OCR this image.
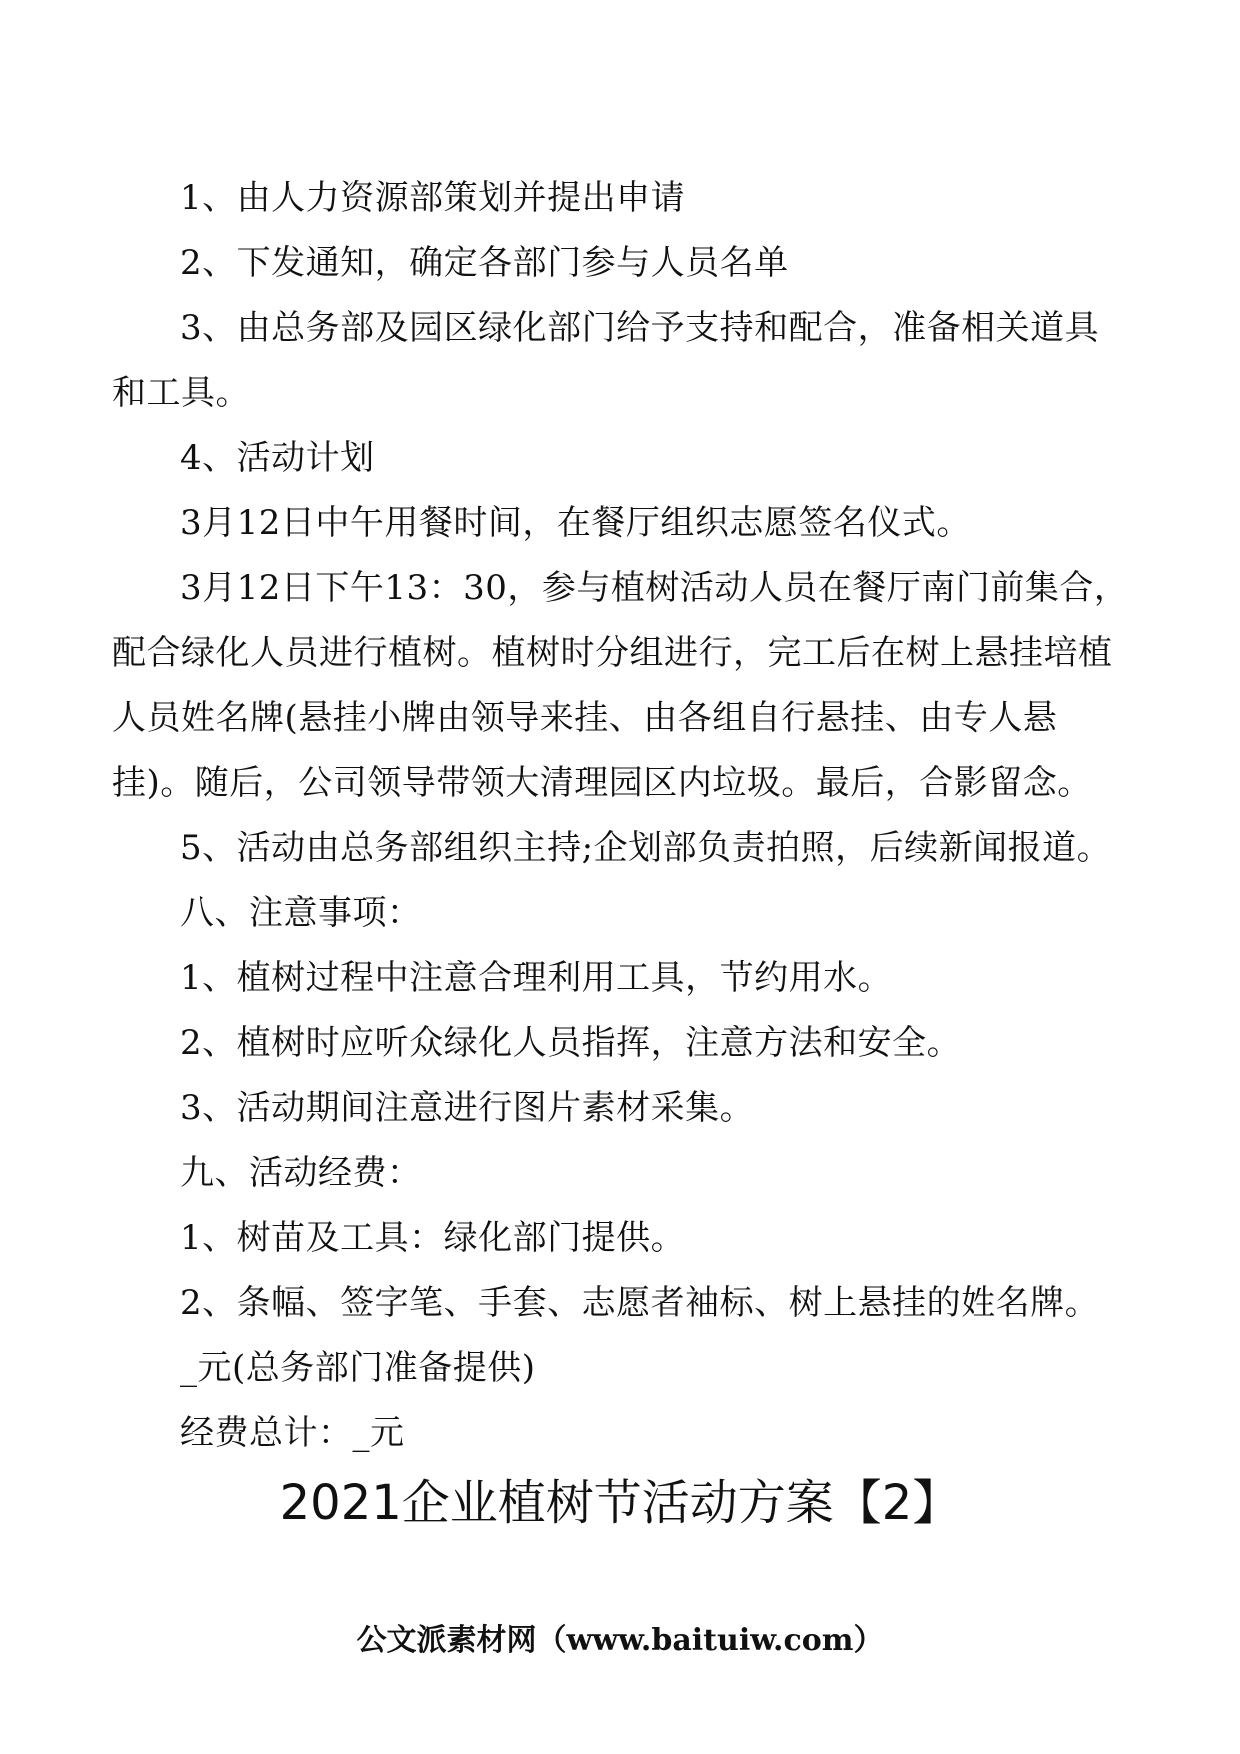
1、由人力资源部策划并提出申请

2、下发通知，确定各部门参与人员名单

3、由总务部及园区绿化部门给予支持和配合，准备相关道具和工具。

4、活动计划

3月12日中午用餐时间，在餐厅组织志愿签名仪式。

3月12日下午13：30，参与植树活动人员在餐厅南门前集合，配合绿化人员进行植树。植树时分组进行，完工后在树上悬挂培植人员姓名牌(悬挂小牌由领导来挂、由各组自行悬挂、由专人悬挂)。随后，公司领导带领大清理园区内垃圾。最后，合影留念。

5、活动由总务部组织主持;企划部负责拍照，后续新闻报道。

八、注意事项：

1、植树过程中注意合理利用工具，节约用水。

2、植树时应听众绿化人员指挥，注意方法和安全。

3、活动期间注意进行图片素材采集。

九、活动经费：

1、树苗及工具：绿化部门提供。

2、条幅、签字笔、手套、志愿者袖标、树上悬挂的姓名牌。

_元(总务部门准备提供)

经费总计：_元

2021企业植树节活动方案【2】
公文派素材网（www.baituiw.com）
